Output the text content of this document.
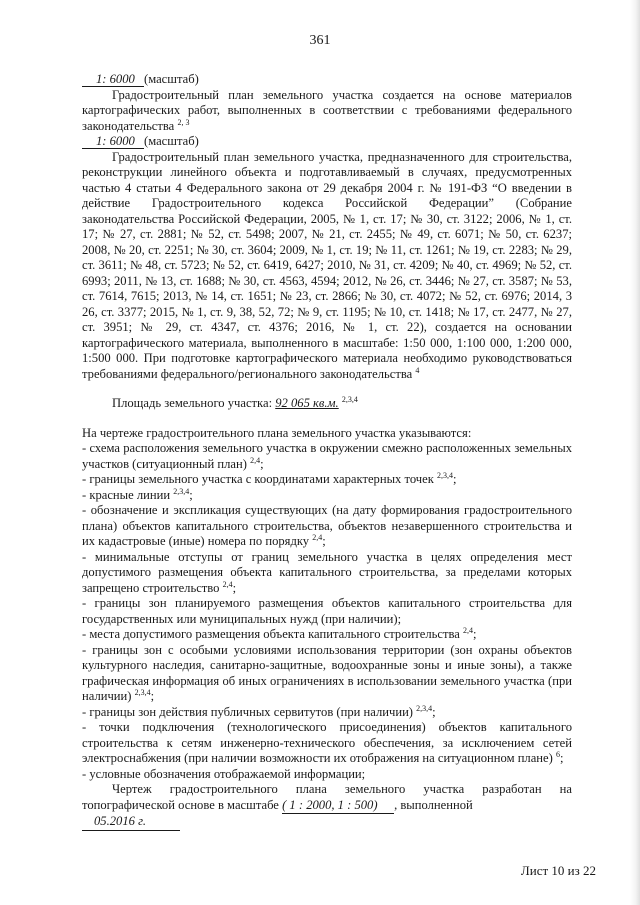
361

1: 6000 (масштаб)

Градостроительный план земельного участка создается на основе материалов картографических работ, выполненных в соответствии с требованиями федерального законодательства $^{2, 3}$

1: 6000 (масштаб)

Градостроительный план земельного участка, предназначенного для строительства, реконструкции линейного объекта и подготавливаемый в случаях, предусмотренных частью 4 статьи 4 Федерального закона от 29 декабря 2004 г. № 191-ФЗ “О введении в действие Градостроительного кодекса Российской Федерации” (Собрание законодательства Российской Федерации, 2005, № 1, ст. 17; № 30, ст. 3122; 2006, № 1, ст. 17; № 27, ст. 2881; № 52, ст. 5498; 2007, № 21, ст. 2455; № 49, ст. 6071; № 50, ст. 6237; 2008, № 20, ст. 2251; № 30, ст. 3604; 2009, № 1, ст. 19; № 11, ст. 1261; № 19, ст. 2283; № 29, ст. 3611; № 48, ст. 5723; № 52, ст. 6419, 6427; 2010, № 31, ст. 4209; № 40, ст. 4969; № 52, ст. 6993; 2011, № 13, ст. 1688; № 30, ст. 4563, 4594; 2012, № 26, ст. 3446; № 27, ст. 3587; № 53, ст. 7614, 7615; 2013, № 14, ст. 1651; № 23, ст. 2866; № 30, ст. 4072; № 52, ст. 6976; 2014, 3 26, ст. 3377; 2015, № 1, ст. 9, 38, 52, 72; № 9, ст. 1195; № 10, ст. 1418; № 17, ст. 2477, № 27, ст. 3951; № 29, ст. 4347, ст. 4376; 2016, № 1, ст. 22), создается на основании картографического материала, выполненного в масштабе: 1:50 000, 1:100 000, 1:200 000, 1:500 000. При подготовке картографического материала необходимо руководствоваться требованиями федерального/регионального законодательства $^4$

Площадь земельного участка: 92 065 кв.м. $^{2,3,4}$

На чертеже градостроительного плана земельного участка указываются:

- схема расположения земельного участка в окружении смежно расположенных земельных участков (ситуационный план) $^{2,4}$;

- границы земельного участка с координатами характерных точек $^{2,3,4}$;

- красные линии $^{2,3,4}$;

- обозначение и экспликация существующих (на дату формирования градостроительного плана) объектов капитального строительства, объектов незавершенного строительства и их кадастровые (иные) номера по порядку $^{2,4}$;

- минимальные отступы от границ земельного участка в целях определения мест допустимого размещения объекта капитального строительства, за пределами которых запрещено строительство $^{2,4}$;

- границы зон планируемого размещения объектов капитального строительства для государственных или муниципальных нужд (при наличии);

- места допустимого размещения объекта капитального строительства $^{2,4}$;

- границы зон с особыми условиями использования территории (зон охраны объектов культурного наследия, санитарно-защитные, водоохранные зоны и иные зоны), а также графическая информация об иных ограничениях в использовании земельного участка (при наличии) $^{2,3,4}$;

- границы зон действия публичных сервитутов (при наличии) $^{2,3,4}$;

- точки подключения (технологического присоединения) объектов капитального строительства к сетям инженерно-технического обеспечения, за исключением сетей электроснабжения (при наличии возможности их отображения на ситуационном плане) $^6$;

- условные обозначения отображаемой информации;

Чертеж градостроительного плана земельного участка разработан на

топографической основе в масштабе ( 1 : 2000, 1 : 500) , выполненной 05.2016 г.

Лист 10 из 22
